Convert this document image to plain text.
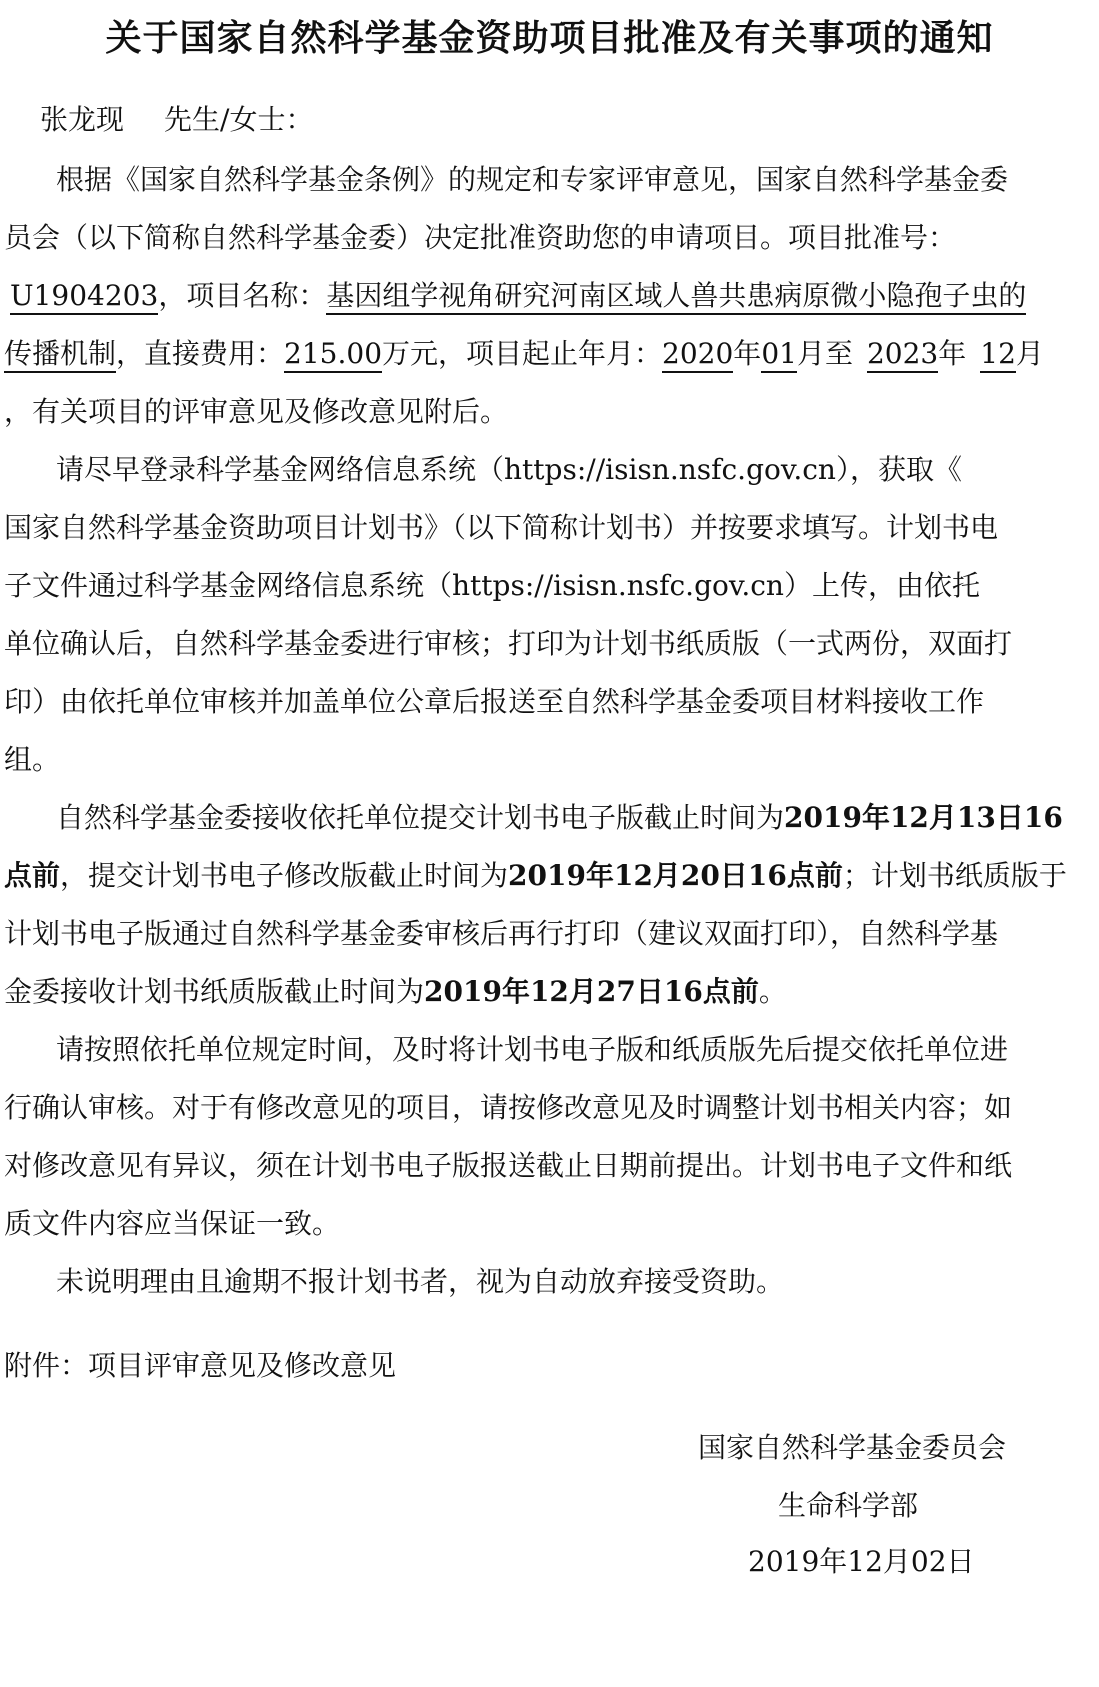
关于国家自然科学基金资助项目批准及有关事项的通知
张龙现 先生/女士：
根据《国家自然科学基金条例》的规定和专家评审意见，国家自然科学基金委
员会（以下简称自然科学基金委）决定批准资助您的申请项目。项目批准号：
U1904203，项目名称：基因组学视角研究河南区域人兽共患病原微小隐孢子虫的
传播机制，直接费用：215.00万元，项目起止年月：2020年01月至 2023年 12月
，有关项目的评审意见及修改意见附后。
请尽早登录科学基金网络信息系统（https://isisn.nsfc.gov.cn），获取《
国家自然科学基金资助项目计划书》（以下简称计划书）并按要求填写。计划书电
子文件通过科学基金网络信息系统（https://isisn.nsfc.gov.cn）上传，由依托
单位确认后，自然科学基金委进行审核；打印为计划书纸质版（一式两份，双面打
印）由依托单位审核并加盖单位公章后报送至自然科学基金委项目材料接收工作
组。
自然科学基金委接收依托单位提交计划书电子版截止时间为2019年12月13日16
点前，提交计划书电子修改版截止时间为2019年12月20日16点前；计划书纸质版于
计划书电子版通过自然科学基金委审核后再行打印（建议双面打印），自然科学基
金委接收计划书纸质版截止时间为2019年12月27日16点前。
请按照依托单位规定时间，及时将计划书电子版和纸质版先后提交依托单位进
行确认审核。对于有修改意见的项目，请按修改意见及时调整计划书相关内容；如
对修改意见有异议，须在计划书电子版报送截止日期前提出。计划书电子文件和纸
质文件内容应当保证一致。
未说明理由且逾期不报计划书者，视为自动放弃接受资助。
附件：项目评审意见及修改意见
国家自然科学基金委员会
生命科学部
2019年12月02日
